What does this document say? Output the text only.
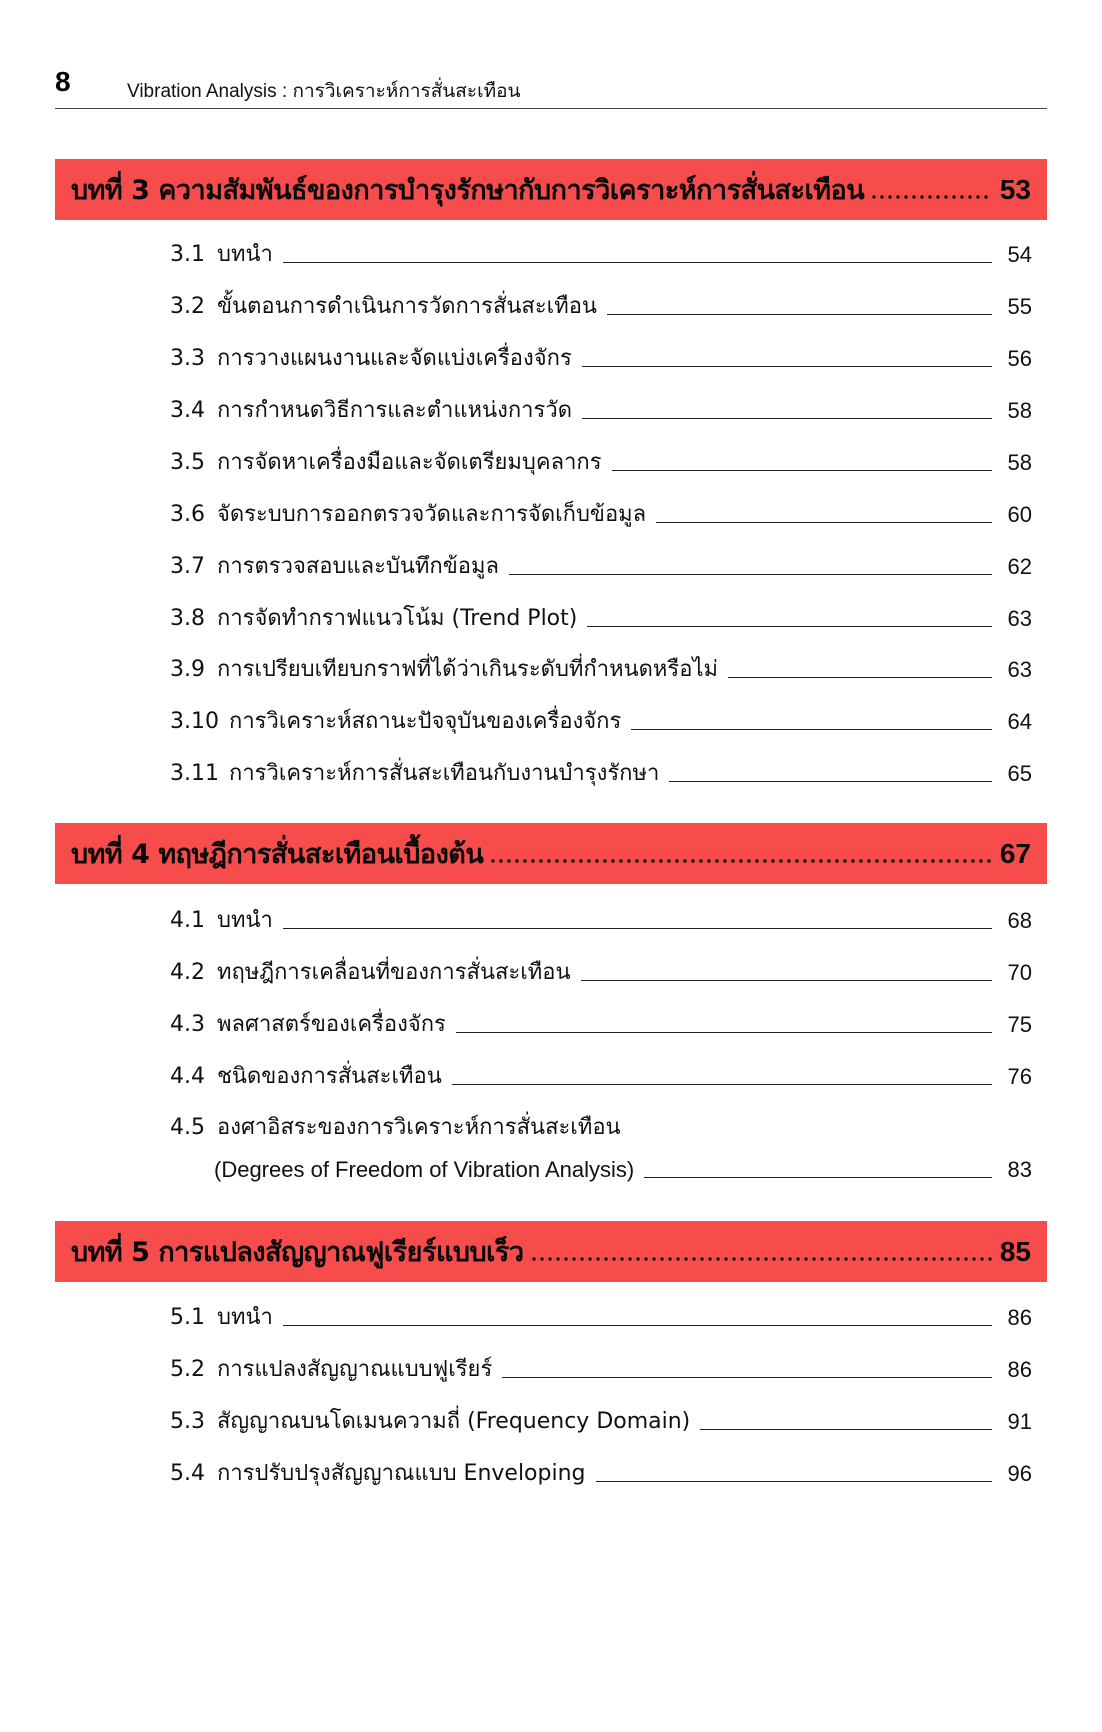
8	Vibration Analysis : การวิเคราะห์การสั่นสะเทือน
บทที่ 3 ความสัมพันธ์ของการบำรุงรักษากับการวิเคราะห์การสั่นสะเทือน	53
3.1 บทนำ	54
3.2 ขั้นตอนการดำเนินการวัดการสั่นสะเทือน	55
3.3 การวางแผนงานและจัดแบ่งเครื่องจักร	56
3.4 การกำหนดวิธีการและตำแหน่งการวัด	58
3.5 การจัดหาเครื่องมือและจัดเตรียมบุคลากร	58
3.6 จัดระบบการออกตรวจวัดและการจัดเก็บข้อมูล	60
3.7 การตรวจสอบและบันทึกข้อมูล	62
3.8 การจัดทำกราฟแนวโน้ม (Trend Plot)	63
3.9 การเปรียบเทียบกราฟที่ได้ว่าเกินระดับที่กำหนดหรือไม่	63
3.10 การวิเคราะห์สถานะปัจจุบันของเครื่องจักร	64
3.11 การวิเคราะห์การสั่นสะเทือนกับงานบำรุงรักษา	65
บทที่ 4 ทฤษฎีการสั่นสะเทือนเบื้องต้น	67
4.1 บทนำ	68
4.2 ทฤษฎีการเคลื่อนที่ของการสั่นสะเทือน	70
4.3 พลศาสตร์ของเครื่องจักร	75
4.4 ชนิดของการสั่นสะเทือน	76
4.5 องศาอิสระของการวิเคราะห์การสั่นสะเทือน
(Degrees of Freedom of Vibration Analysis)	83
บทที่ 5 การแปลงสัญญาณฟูเรียร์แบบเร็ว	85
5.1 บทนำ	86
5.2 การแปลงสัญญาณแบบฟูเรียร์	86
5.3 สัญญาณบนโดเมนความถี่ (Frequency Domain)	91
5.4 การปรับปรุงสัญญาณแบบ Enveloping	96
